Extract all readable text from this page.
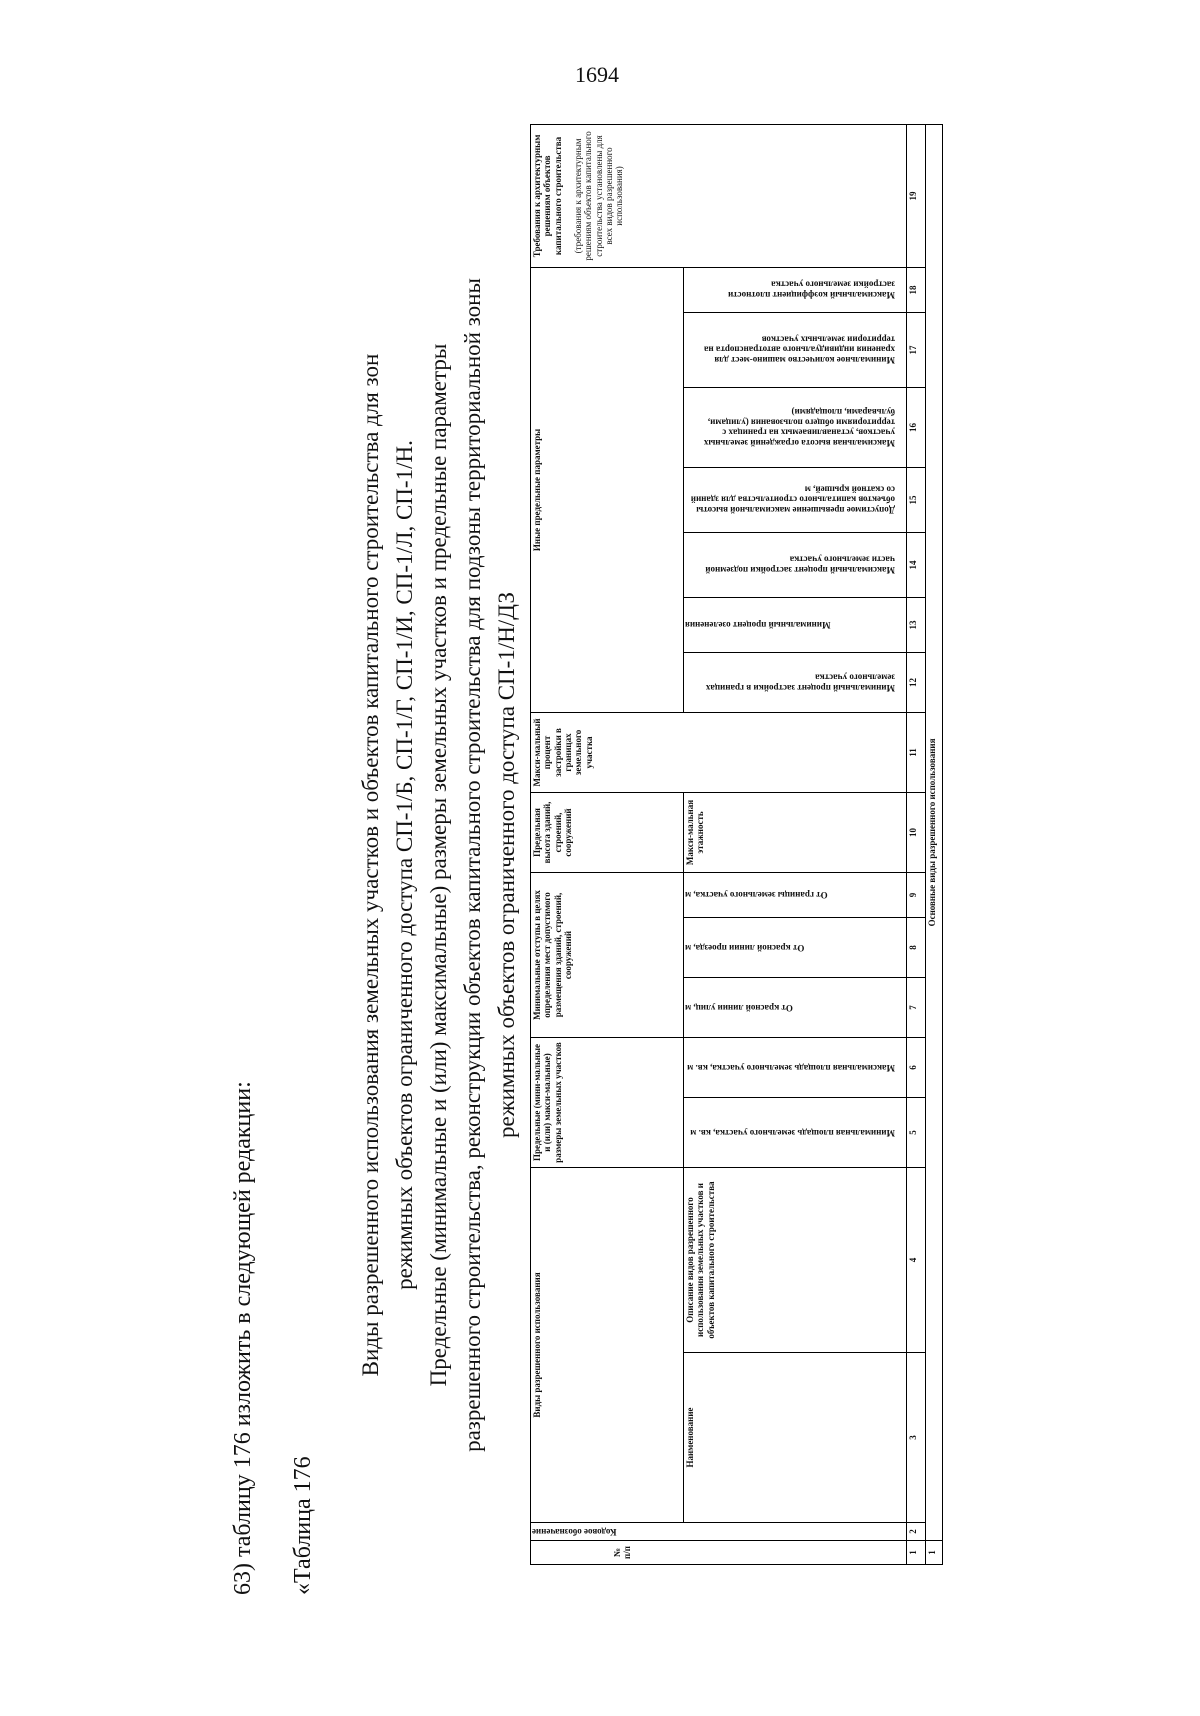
1694
63) таблицу 176 изложить в следующей редакции: «Таблица 176
Виды разрешенного использования земельных участков и объектов капитального строительства для зон режимных объектов ограниченного доступа СП-1/Б, СП-1/Г, СП-1/И, СП-1/Л, СП-1/Н. Предельные (минимальные и (или) максимальные) размеры земельных участков и предельные параметры разрешенного строительства, реконструкции объектов капитального строительства для подзоны территориальной зоны режимных объектов ограниченного доступа СП-1/Н/ДЗ
№ п/п	Кодовое обозначение	Виды разрешенного использования		Предельные (мини-мальные и (или) макси-мальные) размеры земельных участков		Минимальные отступы в целях определения мест допустимого размещения зданий, строений, сооружений			Предельная высота зданий, строений, сооружений	Макси-мальный процент застройки в границах земельного участка	Иные предельные параметры							Требования к архитектурным решениям объектов капитального строительства (требования к архитектурным решениям объектов капитального строительства установлены для всех видов разрешенного использования)

		Наименование	Описание видов разрешенного использования земельных участков и объектов капитального строительства	Минимальная площадь земельного участка, кв. м	Максимальная площадь земельного участка, кв. м	От красной линии улиц, м	От красной линии проезда, м	От границы земельного участка, м	Макси-мальная этажность		Минимальный процент застройки в границах земельного участка	Минимальный процент озеленения	Максимальный процент застройки подземной части земельного участка	Допустимое превышение максимальной высоты объектов капитального строительства для зданий со скатной крышей, м	Максимальная высота ограждений земельных участков, устанавливаемых на границах с территориями общего пользования (улицами, бульварами, площадями)	Минимальное количество машино-мест для хранения индивидуального автотранспорта на территории земельных участков	Максимальный коэффициент плотности застройки земельного участка	

1	2	3	4	5	6	7	8	9	10	11	12	13	14	15	16	17	18	19
1	Основные виды разрешенного использования																	
